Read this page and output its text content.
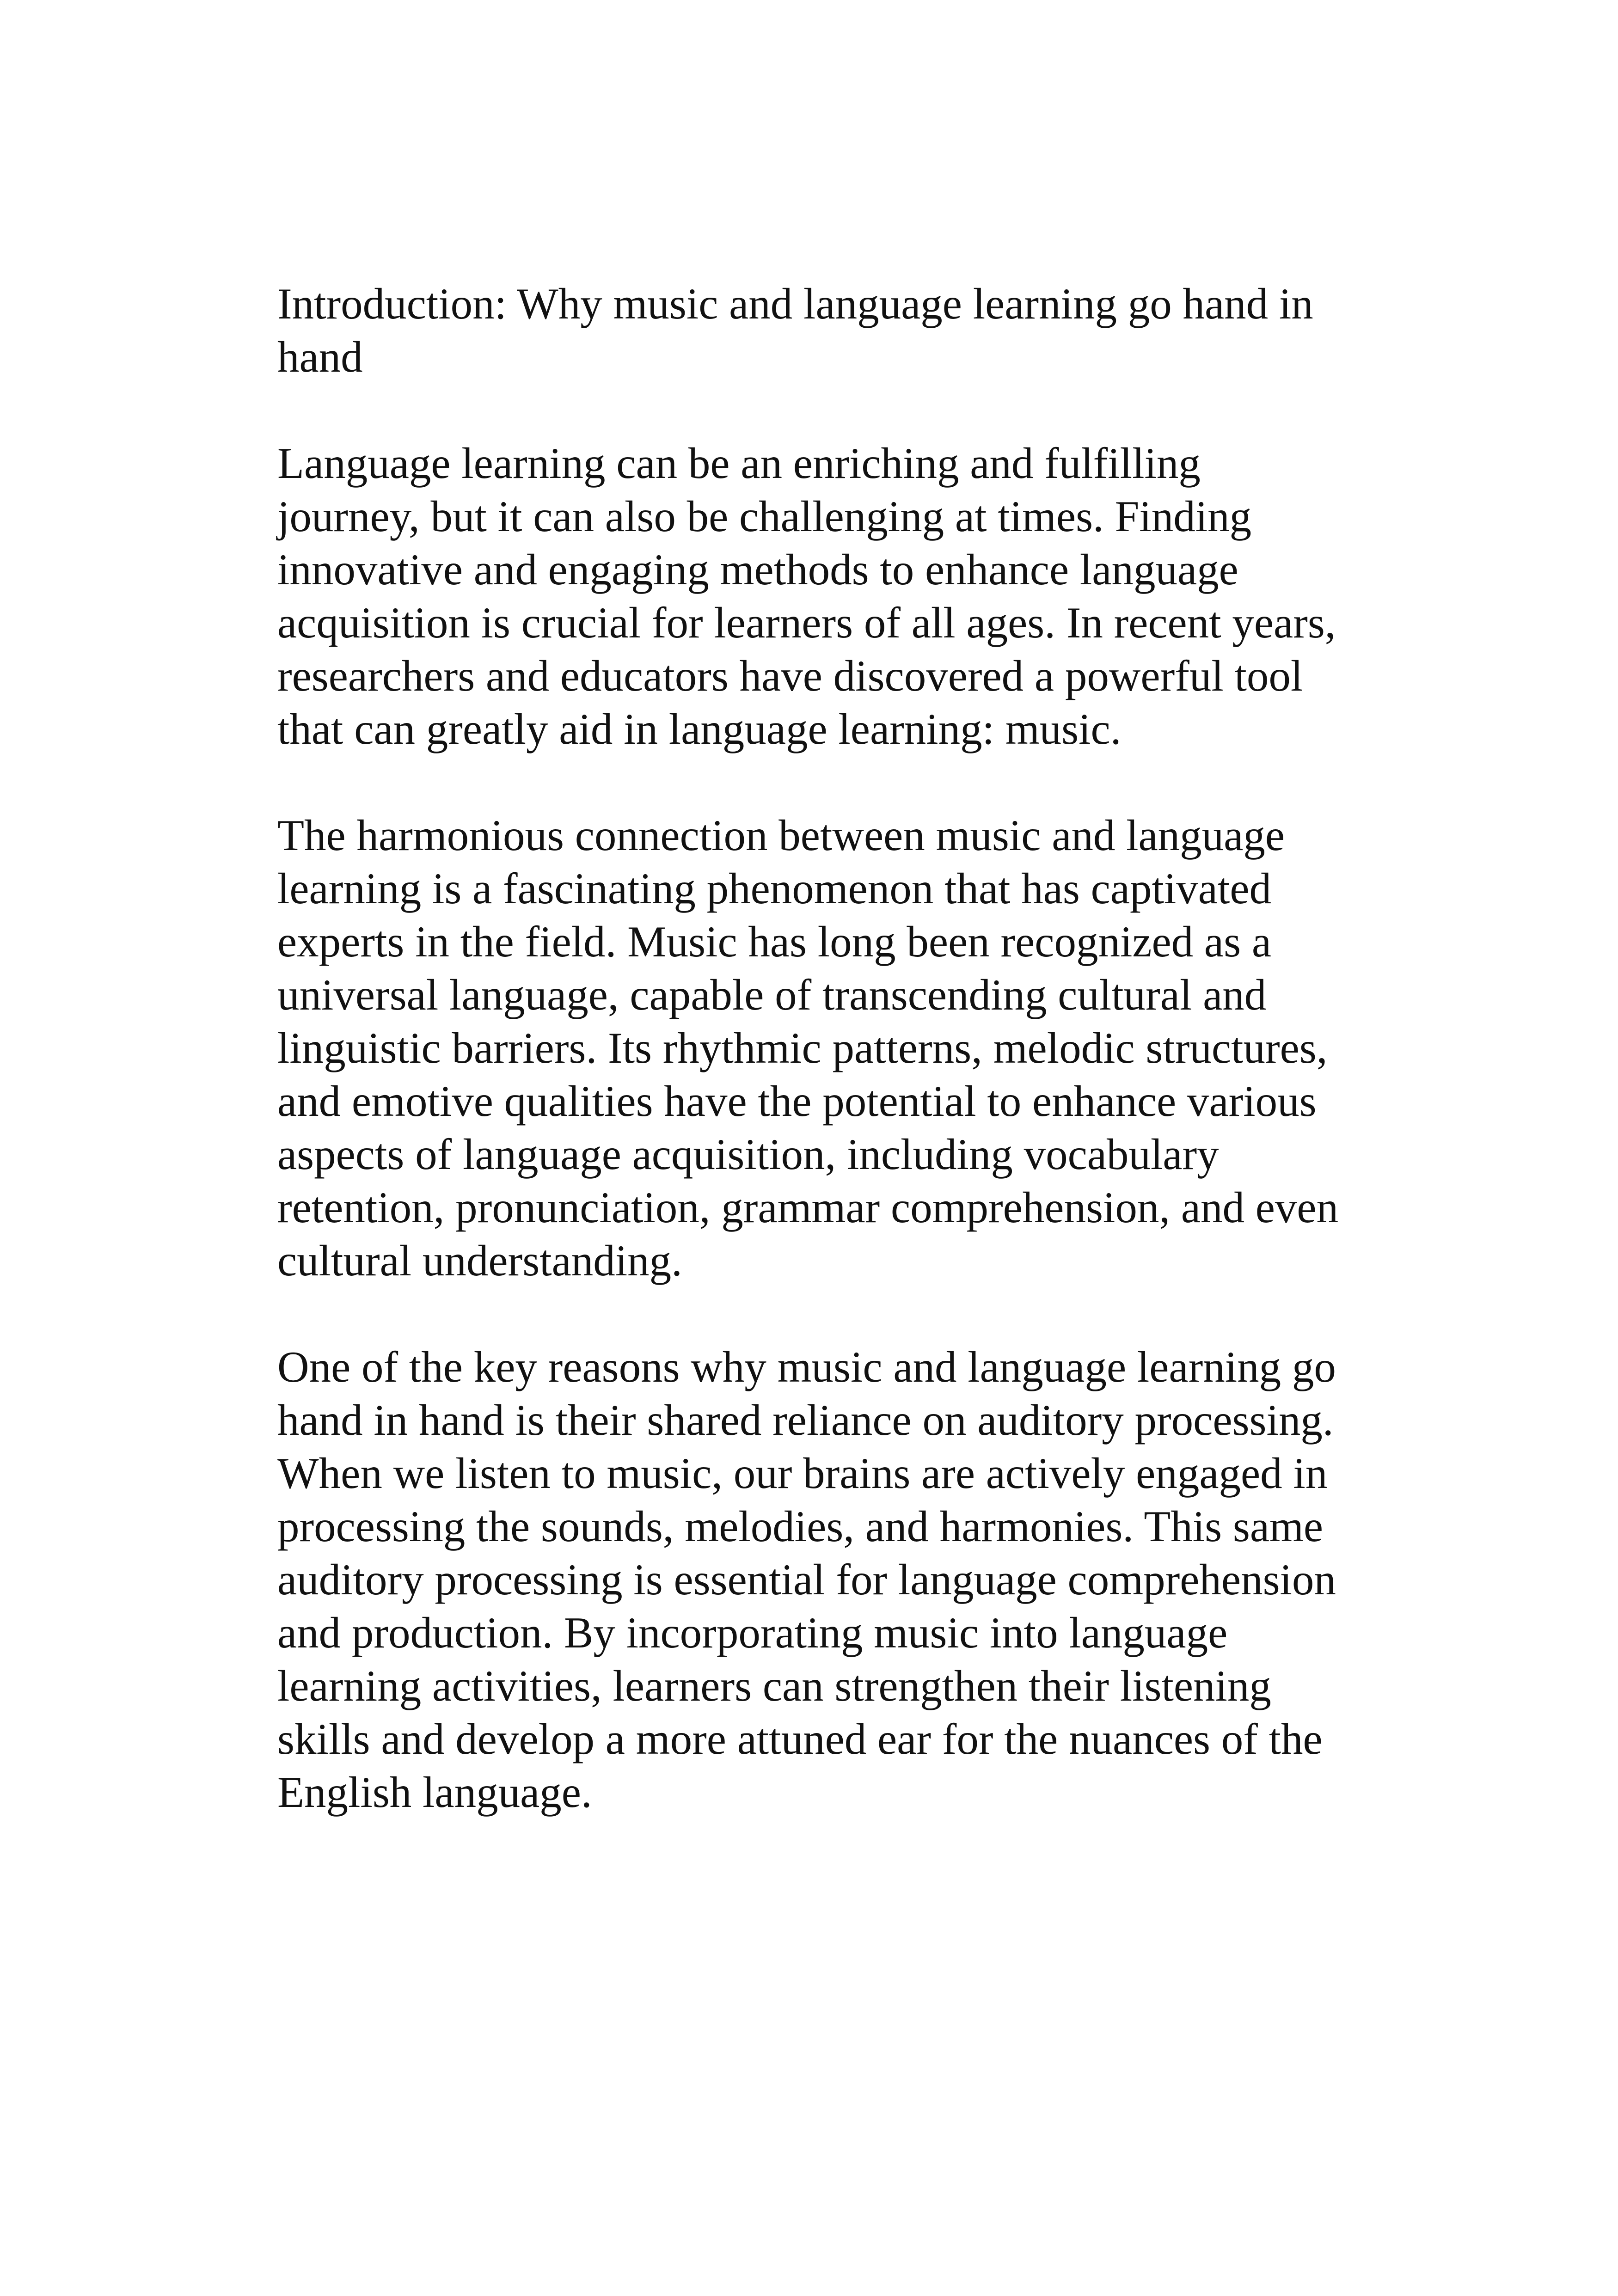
Introduction: Why music and language learning go hand in hand

Language learning can be an enriching and fulfilling journey, but it can also be challenging at times. Finding innovative and engaging methods to enhance language acquisition is crucial for learners of all ages. In recent years, researchers and educators have discovered a powerful tool that can greatly aid in language learning: music.

The harmonious connection between music and language learning is a fascinating phenomenon that has captivated experts in the field. Music has long been recognized as a universal language, capable of transcending cultural and linguistic barriers. Its rhythmic patterns, melodic structures, and emotive qualities have the potential to enhance various aspects of language acquisition, including vocabulary retention, pronunciation, grammar comprehension, and even cultural understanding.

One of the key reasons why music and language learning go hand in hand is their shared reliance on auditory processing. When we listen to music, our brains are actively engaged in processing the sounds, melodies, and harmonies. This same auditory processing is essential for language comprehension and production. By incorporating music into language learning activities, learners can strengthen their listening skills and develop a more attuned ear for the nuances of the English language.
